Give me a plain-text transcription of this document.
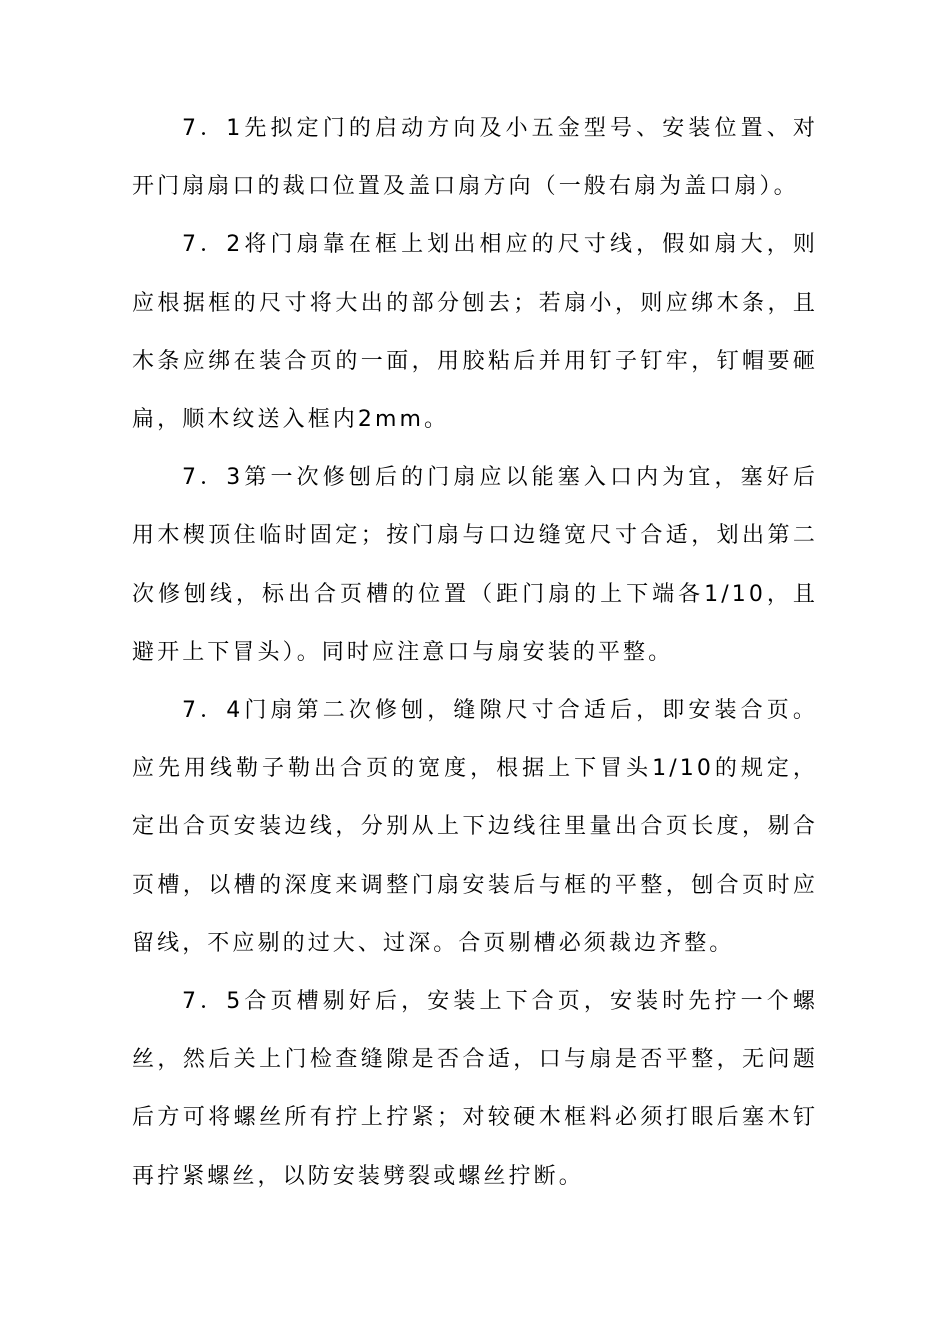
7．1先拟定门的启动方向及小五金型号、安装位置、对开门扇扇口的裁口位置及盖口扇方向（一般右扇为盖口扇）。

7．2将门扇靠在框上划出相应的尺寸线，假如扇大，则应根据框的尺寸将大出的部分刨去；若扇小，则应绑木条，且木条应绑在装合页的一面，用胶粘后并用钉子钉牢，钉帽要砸扁，顺木纹送入框内2mm。

7．3第一次修刨后的门扇应以能塞入口内为宜，塞好后用木楔顶住临时固定；按门扇与口边缝宽尺寸合适，划出第二次修刨线，标出合页槽的位置（距门扇的上下端各1/10，且避开上下冒头）。同时应注意口与扇安装的平整。

7．4门扇第二次修刨，缝隙尺寸合适后，即安装合页。应先用线勒子勒出合页的宽度，根据上下冒头1/10的规定，定出合页安装边线，分别从上下边线往里量出合页长度，剔合页槽，以槽的深度来调整门扇安装后与框的平整，刨合页时应留线，不应剔的过大、过深。合页剔槽必须裁边齐整。

7．5合页槽剔好后，安装上下合页，安装时先拧一个螺丝，然后关上门检查缝隙是否合适，口与扇是否平整，无问题后方可将螺丝所有拧上拧紧；对较硬木框料必须打眼后塞木钉再拧紧螺丝，以防安装劈裂或螺丝拧断。
